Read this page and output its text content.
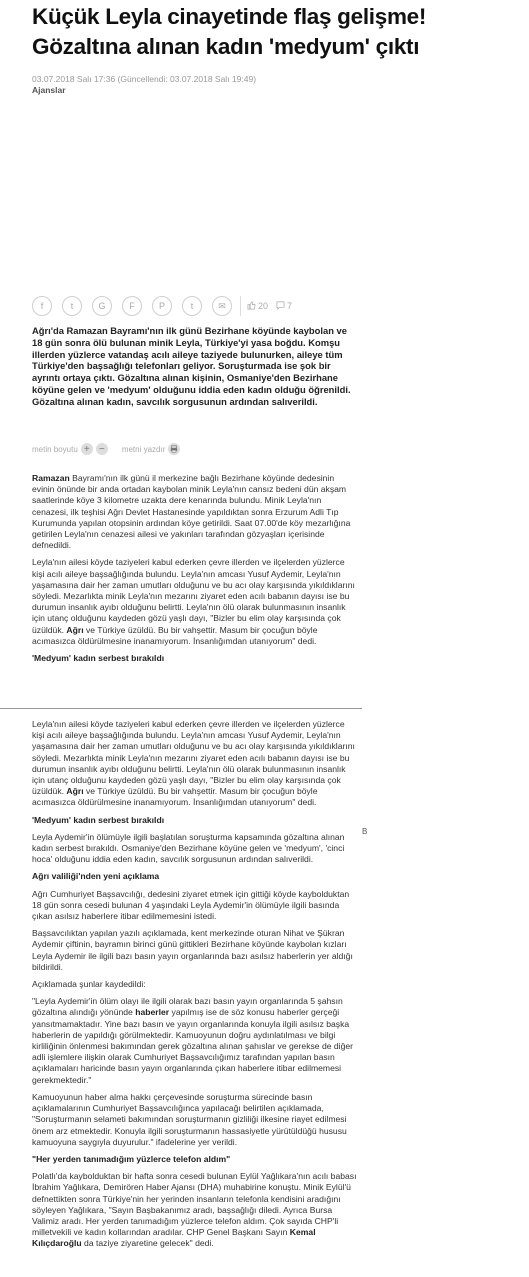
Küçük Leyla cinayetinde flaş gelişme! Gözaltına alınan kadın 'medyum' çıktı
03.07.2018 Salı 17:36 (Güncellendi: 03.07.2018 Salı 19:49)
Ajanslar
f	t	G	F	P	t	✉	20 7
Ağrı'da Ramazan Bayramı'nın ilk günü Bezirhane köyünde kaybolan ve 18 gün sonra ölü bulunan minik Leyla, Türkiye'yi yasa boğdu. Komşu illerden yüzlerce vatandaş acılı aileye taziyede bulunurken, aileye tüm Türkiye'den başsağlığı telefonları geliyor. Soruşturmada ise şok bir ayrıntı ortaya çıktı. Gözaltına alınan kişinin, Osmaniye'den Bezirhane köyüne gelen ve 'medyum' olduğunu iddia eden kadın olduğu öğrenildi. Gözaltına alınan kadın, savcılık sorgusunun ardından salıverildi.
metin boyutu + −	metni yazdır

Ramazan Bayramı'nın ilk günü il merkezine bağlı Bezirhane köyünde dedesinin evinin önünde bir anda ortadan kaybolan minik Leyla'nın cansız bedeni dün akşam saatlerinde köye 3 kilometre uzakta dere kenarında bulundu. Minik Leyla'nın cenazesi, ilk teşhisi Ağrı Devlet Hastanesinde yapıldıktan sonra Erzurum Adli Tıp Kurumunda yapılan otopsinin ardından köye getirildi. Saat 07.00'de köy mezarlığına getirilen Leyla'nın cenazesi ailesi ve yakınları tarafından gözyaşları içerisinde defnedildi.

Leyla'nın ailesi köyde taziyeleri kabul ederken çevre illerden ve ilçelerden yüzlerce kişi acılı aileye başsağlığında bulundu. Leyla'nın amcası Yusuf Aydemir, Leyla'nın yaşamasına dair her zaman umutları olduğunu ve bu acı olay karşısında yıkıldıklarını söyledi. Mezarlıkta minik Leyla'nın mezarını ziyaret eden acılı babanın dayısı ise bu durumun insanlık ayıbı olduğunu belirtti. Leyla'nın ölü olarak bulunmasının insanlık için utanç olduğunu kaydeden gözü yaşlı dayı, "Bizler bu elim olay karşısında çok üzüldük. Ağrı ve Türkiye üzüldü. Bu bir vahşettir. Masum bir çocuğun böyle acımasızca öldürülmesine inanamıyorum. İnsanlığımdan utanıyorum" dedi.

'Medyum' kadın serbest bırakıldı

Leyla'nın ailesi köyde taziyeleri kabul ederken çevre illerden ve ilçelerden yüzlerce kişi acılı aileye başsağlığında bulundu. Leyla'nın amcası Yusuf Aydemir, Leyla'nın yaşamasına dair her zaman umutları olduğunu ve bu acı olay karşısında yıkıldıklarını söyledi. Mezarlıkta minik Leyla'nın mezarını ziyaret eden acılı babanın dayısı ise bu durumun insanlık ayıbı olduğunu belirtti. Leyla'nın ölü olarak bulunmasının insanlık için utanç olduğunu kaydeden gözü yaşlı dayı, "Bizler bu elim olay karşısında çok üzüldük. Ağrı ve Türkiye üzüldü. Bu bir vahşettir. Masum bir çocuğun böyle acımasızca öldürülmesine inanamıyorum. İnsanlığımdan utanıyorum" dedi.

'Medyum' kadın serbest bırakıldı

Leyla Aydemir'in ölümüyle ilgili başlatılan soruşturma kapsamında gözaltına alınan kadın serbest bırakıldı. Osmaniye'den Bezirhane köyüne gelen ve 'medyum', 'cinci hoca' olduğunu iddia eden kadın, savcılık sorgusunun ardından salıverildi.

Ağrı valiliği'nden yeni açıklama

Ağrı Cumhuriyet Başsavcılığı, dedesini ziyaret etmek için gittiği köyde kaybolduktan 18 gün sonra cesedi bulunan 4 yaşındaki Leyla Aydemir'in ölümüyle ilgili basında çıkan asılsız haberlere itibar edilmemesini istedi.

Başsavcılıktan yapılan yazılı açıklamada, kent merkezinde oturan Nihat ve Şükran Aydemir çiftinin, bayramın birinci günü gittikleri Bezirhane köyünde kaybolan kızları Leyla Aydemir ile ilgili bazı basın yayın organlarında bazı asılsız haberlerin yer aldığı bildirildi.

Açıklamada şunlar kaydedildi:

"Leyla Aydemir'in ölüm olayı ile ilgili olarak bazı basın yayın organlarında 5 şahsın gözaltına alındığı yönünde haberler yapılmış ise de söz konusu haberler gerçeği yansıtmamaktadır. Yine bazı basın ve yayın organlarında konuyla ilgili asılsız başka haberlerin de yapıldığı görülmektedir. Kamuoyunun doğru aydınlatılması ve bilgi kirliliğinin önlenmesi bakımından gerek gözaltına alınan şahıslar ve gerekse de diğer adli işlemlere ilişkin olarak Cumhuriyet Başsavcılığımız tarafından yapılan basın açıklamaları haricinde basın yayın organlarında çıkan haberlere itibar edilmemesi gerekmektedir."

Kamuoyunun haber alma hakkı çerçevesinde soruşturma sürecinde basın açıklamalarının Cumhuriyet Başsavcılığınca yapılacağı belirtilen açıklamada, "Soruşturmanın selameti bakımından soruşturmanın gizliliği ilkesine riayet edilmesi önem arz etmektedir. Konuyla ilgili soruşturmanın hassasiyetle yürütüldüğü hususu kamuoyuna saygıyla duyurulur." ifadelerine yer verildi.

"Her yerden tanımadığım yüzlerce telefon aldım"

Polatlı'da kaybolduktan bir hafta sonra cesedi bulunan Eylül Yağlıkara'nın acılı babası İbrahim Yağlıkara, Demirören Haber Ajansı (DHA) muhabirine konuştu. Minik Eylül'ü defnettikten sonra Türkiye'nin her yerinden insanların telefonla kendisini aradığını söyleyen Yağlıkara, "Sayın Başbakanımız aradı, başsağlığı diledi. Ayrıca Bursa Valimiz aradı. Her yerden tanımadığım yüzlerce telefon aldım. Çok sayıda CHP'li milletvekili ve kadın kollarından aradılar. CHP Genel Başkanı Sayın Kemal Kılıçdaroğlu da taziye ziyaretine gelecek" dedi.

B
